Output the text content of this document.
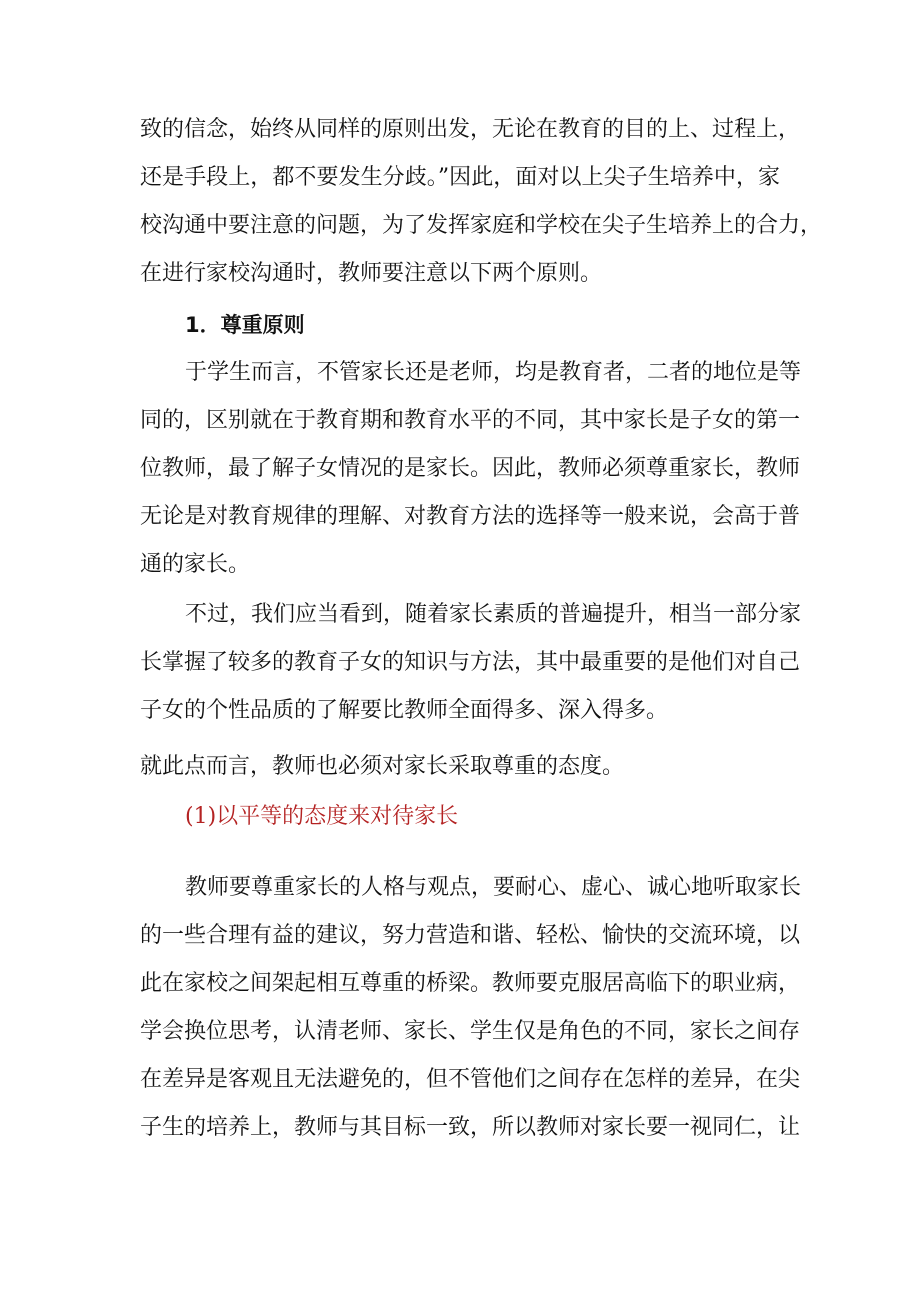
致的信念，始终从同样的原则出发，无论在教育的目的上、过程上，
还是手段上，都不要发生分歧。”因此，面对以上尖子生培养中，家
校沟通中要注意的问题，为了发挥家庭和学校在尖子生培养上的合力，
在进行家校沟通时，教师要注意以下两个原则。
1．尊重原则
于学生而言，不管家长还是老师，均是教育者，二者的地位是等
同的，区别就在于教育期和教育水平的不同，其中家长是子女的第一
位教师，最了解子女情况的是家长。因此，教师必须尊重家长，教师
无论是对教育规律的理解、对教育方法的选择等一般来说，会高于普
通的家长。
不过，我们应当看到，随着家长素质的普遍提升，相当一部分家
长掌握了较多的教育子女的知识与方法，其中最重要的是他们对自己
子女的个性品质的了解要比教师全面得多、深入得多。
就此点而言，教师也必须对家长采取尊重的态度。
(1)以平等的态度来对待家长
教师要尊重家长的人格与观点，要耐心、虚心、诚心地听取家长
的一些合理有益的建议，努力营造和谐、轻松、愉快的交流环境，以
此在家校之间架起相互尊重的桥梁。教师要克服居高临下的职业病，
学会换位思考，认清老师、家长、学生仅是角色的不同，家长之间存
在差异是客观且无法避免的，但不管他们之间存在怎样的差异，在尖
子生的培养上，教师与其目标一致，所以教师对家长要一视同仁，让
